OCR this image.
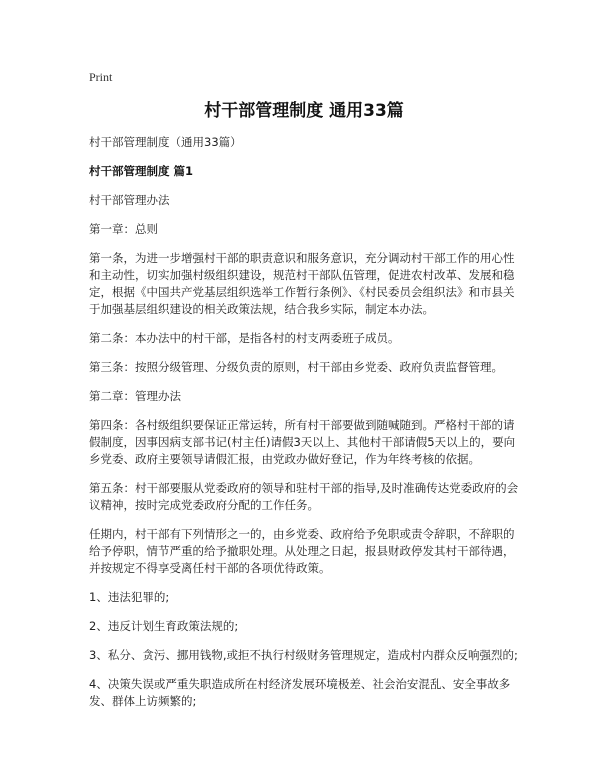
Print
村干部管理制度 通用33篇

村干部管理制度（通用33篇）

村干部管理制度 篇1

村干部管理办法

第一章：总则

第一条，为进一步增强村干部的职责意识和服务意识，充分调动村干部工作的用心性和主动性，切实加强村级组织建设，规范村干部队伍管理，促进农村改革、发展和稳定，根据《中国共产党基层组织选举工作暂行条例》、《村民委员会组织法》和市县关于加强基层组织建设的相关政策法规，结合我乡实际，制定本办法。

第二条：本办法中的村干部，是指各村的村支两委班子成员。

第三条：按照分级管理、分级负责的原则，村干部由乡党委、政府负责监督管理。

第二章：管理办法

第四条：各村级组织要保证正常运转，所有村干部要做到随喊随到。严格村干部的请假制度，因事因病支部书记(村主任)请假3天以上、其他村干部请假5天以上的，要向乡党委、政府主要领导请假汇报，由党政办做好登记，作为年终考核的依据。

第五条：村干部要服从党委政府的领导和驻村干部的指导,及时准确传达党委政府的会议精神，按时完成党委政府分配的工作任务。

任期内，村干部有下列情形之一的，由乡党委、政府给予免职或责令辞职，不辞职的给予停职，情节严重的给予撤职处理。从处理之日起，报县财政停发其村干部待遇，并按规定不得享受离任村干部的各项优待政策。

1、违法犯罪的;

2、违反计划生育政策法规的;

3、私分、贪污、挪用钱物,或拒不执行村级财务管理规定，造成村内群众反响强烈的;

4、决策失误或严重失职造成所在村经济发展环境极差、社会治安混乱、安全事故多发、群体上访频繁的;
